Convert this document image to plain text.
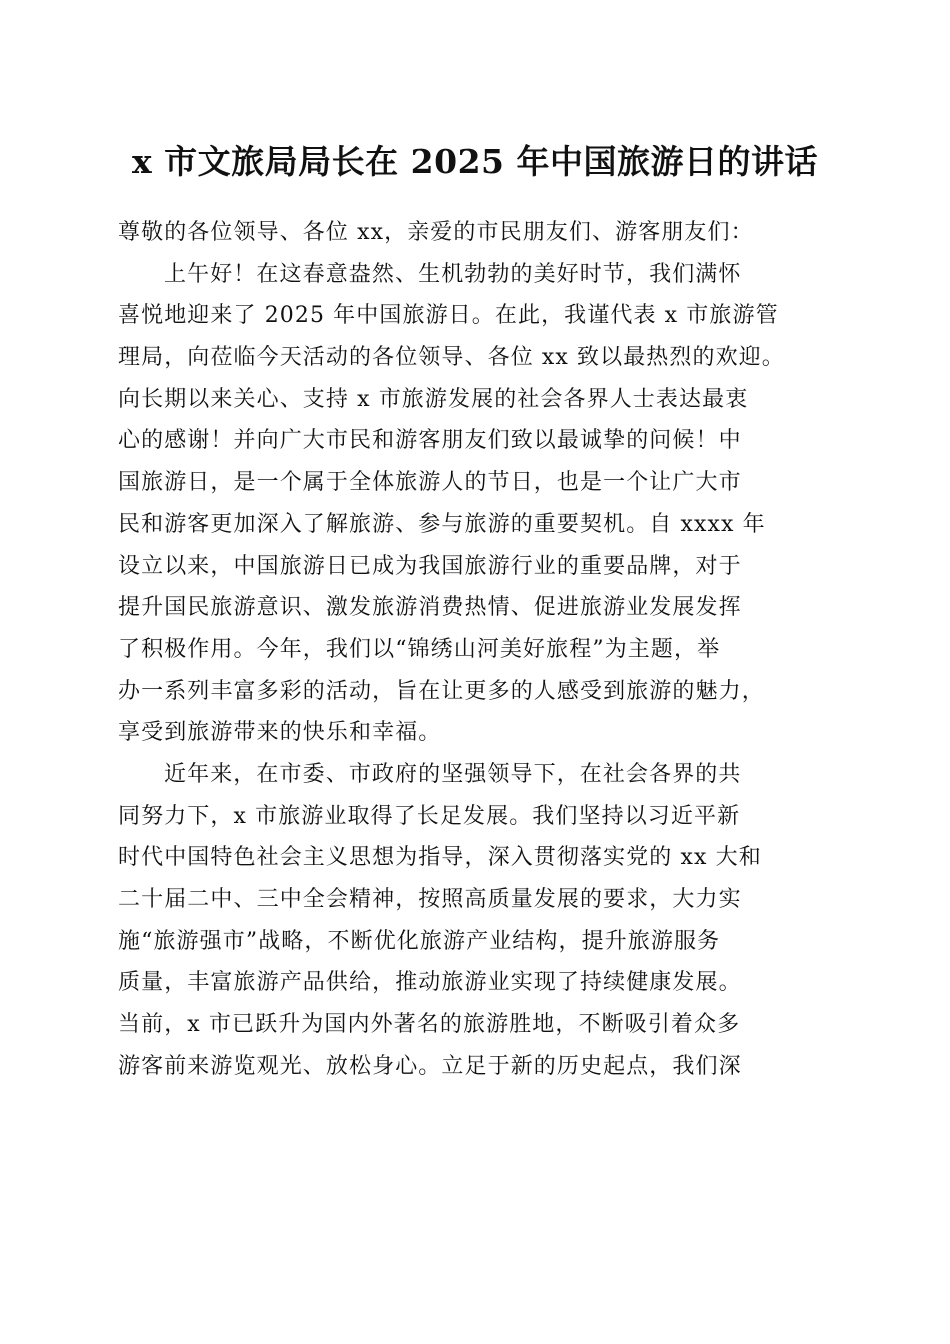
x 市文旅局局长在 2025 年中国旅游日的讲话
尊敬的各位领导、各位 xx，亲爱的市民朋友们、游客朋友们：
上午好！在这春意盎然、生机勃勃的美好时节，我们满怀
喜悦地迎来了 2025 年中国旅游日。在此，我谨代表 x 市旅游管
理局，向莅临今天活动的各位领导、各位 xx 致以最热烈的欢迎。
向长期以来关心、支持 x 市旅游发展的社会各界人士表达最衷
心的感谢！并向广大市民和游客朋友们致以最诚挚的问候！中
国旅游日，是一个属于全体旅游人的节日，也是一个让广大市
民和游客更加深入了解旅游、参与旅游的重要契机。自 xxxx 年
设立以来，中国旅游日已成为我国旅游行业的重要品牌，对于
提升国民旅游意识、激发旅游消费热情、促进旅游业发展发挥
了积极作用。今年，我们以“锦绣山河美好旅程”为主题，举
办一系列丰富多彩的活动，旨在让更多的人感受到旅游的魅力，
享受到旅游带来的快乐和幸福。
近年来，在市委、市政府的坚强领导下，在社会各界的共
同努力下，x 市旅游业取得了长足发展。我们坚持以习近平新
时代中国特色社会主义思想为指导，深入贯彻落实党的 xx 大和
二十届二中、三中全会精神，按照高质量发展的要求，大力实
施“旅游强市”战略，不断优化旅游产业结构，提升旅游服务
质量，丰富旅游产品供给，推动旅游业实现了持续健康发展。
当前，x 市已跃升为国内外著名的旅游胜地，不断吸引着众多
游客前来游览观光、放松身心。立足于新的历史起点，我们深
